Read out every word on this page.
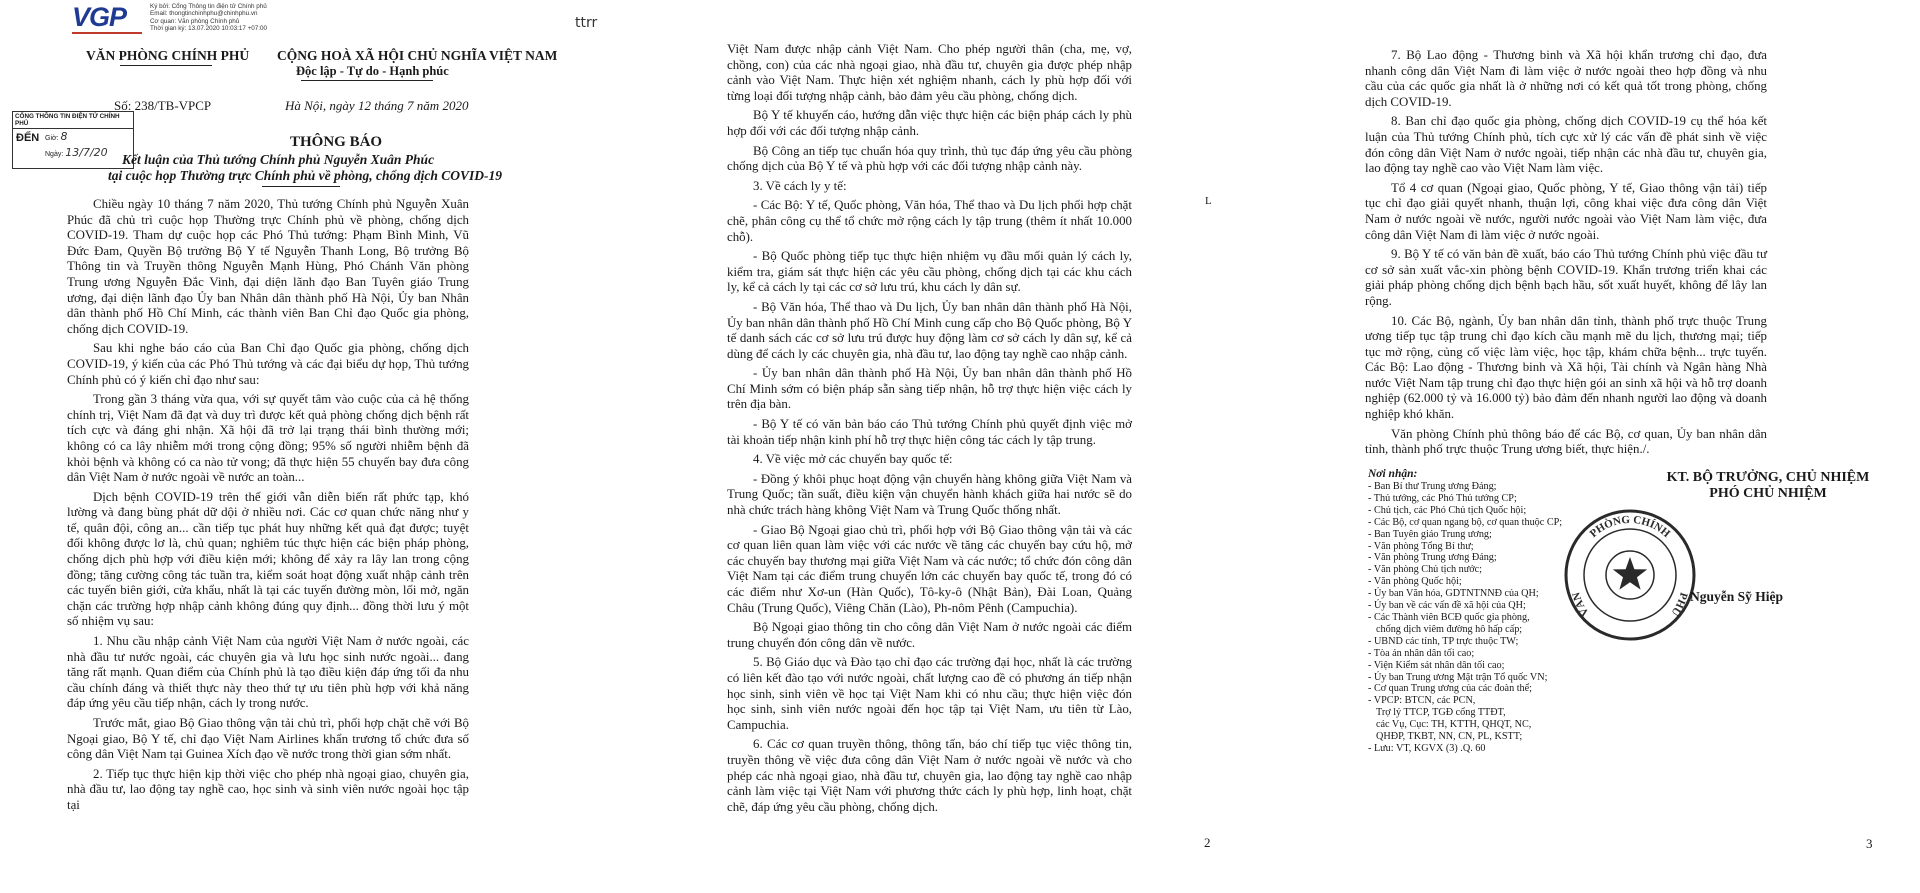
VGP	Ký bởi: Cổng Thông tin điện tử Chính phủ
Email: thongtinchinhphu@chinhphu.vn
Cơ quan: Văn phòng Chính phủ
Thời gian ký: 13.07.2020 10:03:17 +07:00	ttrr
VĂN PHÒNG CHÍNH PHỦ CỘNG HOÀ XÃ HỘI CHỦ NGHĨA VIỆT NAM
Độc lập - Tự do - Hạnh phúc
Số: 238/TB-VPCP	Hà Nội, ngày 12 tháng 7 năm 2020
CỔNG THÔNG TIN ĐIỆN TỬ CHÍNH PHỦ
ĐẾN Giờ: 8
Ngày: 13/7/20
THÔNG BÁO
Kết luận của Thủ tướng Chính phủ Nguyễn Xuân Phúc
tại cuộc họp Thường trực Chính phủ về phòng, chống dịch COVID-19

Chiều ngày 10 tháng 7 năm 2020, Thủ tướng Chính phủ Nguyễn Xuân Phúc đã chủ trì cuộc họp Thường trực Chính phủ về phòng, chống dịch COVID-19. Tham dự cuộc họp các Phó Thủ tướng: Phạm Bình Minh, Vũ Đức Đam, Quyền Bộ trưởng Bộ Y tế Nguyễn Thanh Long, Bộ trưởng Bộ Thông tin và Truyền thông Nguyễn Mạnh Hùng, Phó Chánh Văn phòng Trung ương Nguyễn Đắc Vinh, đại diện lãnh đạo Ban Tuyên giáo Trung ương, đại diện lãnh đạo Ủy ban Nhân dân thành phố Hà Nội, Ủy ban Nhân dân thành phố Hồ Chí Minh, các thành viên Ban Chỉ đạo Quốc gia phòng, chống dịch COVID-19.

Sau khi nghe báo cáo của Ban Chỉ đạo Quốc gia phòng, chống dịch COVID-19, ý kiến của các Phó Thủ tướng và các đại biểu dự họp, Thủ tướng Chính phủ có ý kiến chỉ đạo như sau:

Trong gần 3 tháng vừa qua, với sự quyết tâm vào cuộc của cả hệ thống chính trị, Việt Nam đã đạt và duy trì được kết quả phòng chống dịch bệnh rất tích cực và đáng ghi nhận. Xã hội đã trở lại trạng thái bình thường mới; không có ca lây nhiễm mới trong cộng đồng; 95% số người nhiễm bệnh đã khỏi bệnh và không có ca nào tử vong; đã thực hiện 55 chuyến bay đưa công dân Việt Nam ở nước ngoài về nước an toàn...

Dịch bệnh COVID-19 trên thế giới vẫn diễn biến rất phức tạp, khó lường và đang bùng phát dữ dội ở nhiều nơi. Các cơ quan chức năng như y tế, quân đội, công an... cần tiếp tục phát huy những kết quả đạt được; tuyệt đối không được lơ là, chủ quan; nghiêm túc thực hiện các biện pháp phòng, chống dịch phù hợp với điều kiện mới; không để xảy ra lây lan trong cộng đồng; tăng cường công tác tuần tra, kiểm soát hoạt động xuất nhập cảnh trên các tuyến biên giới, cửa khẩu, nhất là tại các tuyến đường mòn, lối mở, ngăn chặn các trường hợp nhập cảnh không đúng quy định... đồng thời lưu ý một số nhiệm vụ sau:

1. Nhu cầu nhập cảnh Việt Nam của người Việt Nam ở nước ngoài, các nhà đầu tư nước ngoài, các chuyên gia và lưu học sinh nước ngoài... đang tăng rất mạnh. Quan điểm của Chính phủ là tạo điều kiện đáp ứng tối đa nhu cầu chính đáng và thiết thực này theo thứ tự ưu tiên phù hợp với khả năng đáp ứng yêu cầu tiếp nhận, cách ly trong nước.

Trước mắt, giao Bộ Giao thông vận tải chủ trì, phối hợp chặt chẽ với Bộ Ngoại giao, Bộ Y tế, chỉ đạo Việt Nam Airlines khẩn trương tổ chức đưa số công dân Việt Nam tại Guinea Xích đạo về nước trong thời gian sớm nhất.

2. Tiếp tục thực hiện kịp thời việc cho phép nhà ngoại giao, chuyên gia, nhà đầu tư, lao động tay nghề cao, học sinh và sinh viên nước ngoài học tập tại

Việt Nam được nhập cảnh Việt Nam. Cho phép người thân (cha, mẹ, vợ, chồng, con) của các nhà ngoại giao, nhà đầu tư, chuyên gia được phép nhập cảnh vào Việt Nam. Thực hiện xét nghiệm nhanh, cách ly phù hợp đối với từng loại đối tượng nhập cảnh, bảo đảm yêu cầu phòng, chống dịch.

Bộ Y tế khuyến cáo, hướng dẫn việc thực hiện các biện pháp cách ly phù hợp đối với các đối tượng nhập cảnh.

Bộ Công an tiếp tục chuẩn hóa quy trình, thủ tục đáp ứng yêu cầu phòng chống dịch của Bộ Y tế và phù hợp với các đối tượng nhập cảnh này.

3. Về cách ly y tế:

- Các Bộ: Y tế, Quốc phòng, Văn hóa, Thể thao và Du lịch phối hợp chặt chẽ, phân công cụ thể tổ chức mở rộng cách ly tập trung (thêm ít nhất 10.000 chỗ).

- Bộ Quốc phòng tiếp tục thực hiện nhiệm vụ đầu mối quản lý cách ly, kiểm tra, giám sát thực hiện các yêu cầu phòng, chống dịch tại các khu cách ly, kể cả cách ly tại các cơ sở lưu trú, khu cách ly dân sự.

- Bộ Văn hóa, Thể thao và Du lịch, Ủy ban nhân dân thành phố Hà Nội, Ủy ban nhân dân thành phố Hồ Chí Minh cung cấp cho Bộ Quốc phòng, Bộ Y tế danh sách các cơ sở lưu trú được huy động làm cơ sở cách ly dân sự, kể cả dùng để cách ly các chuyên gia, nhà đầu tư, lao động tay nghề cao nhập cảnh.

- Ủy ban nhân dân thành phố Hà Nội, Ủy ban nhân dân thành phố Hồ Chí Minh sớm có biện pháp sẵn sàng tiếp nhận, hỗ trợ thực hiện việc cách ly trên địa bàn.

- Bộ Y tế có văn bản báo cáo Thủ tướng Chính phủ quyết định việc mở tài khoản tiếp nhận kinh phí hỗ trợ thực hiện công tác cách ly tập trung.

4. Về việc mở các chuyến bay quốc tế:

- Đồng ý khôi phục hoạt động vận chuyển hàng không giữa Việt Nam và Trung Quốc; tần suất, điều kiện vận chuyển hành khách giữa hai nước sẽ do nhà chức trách hàng không Việt Nam và Trung Quốc thống nhất.

- Giao Bộ Ngoại giao chủ trì, phối hợp với Bộ Giao thông vận tải và các cơ quan liên quan làm việc với các nước về tăng các chuyến bay cứu hộ, mở các chuyến bay thương mại giữa Việt Nam và các nước; tổ chức đón công dân Việt Nam tại các điểm trung chuyển lớn các chuyến bay quốc tế, trong đó có các điểm như Xơ-un (Hàn Quốc), Tô-ky-ô (Nhật Bản), Đài Loan, Quảng Châu (Trung Quốc), Viêng Chăn (Lào), Ph-nôm Pênh (Campuchia).

Bộ Ngoại giao thông tin cho công dân Việt Nam ở nước ngoài các điểm trung chuyển đón công dân về nước.

5. Bộ Giáo dục và Đào tạo chỉ đạo các trường đại học, nhất là các trường có liên kết đào tạo với nước ngoài, chất lượng cao đề có phương án tiếp nhận học sinh, sinh viên về học tại Việt Nam khi có nhu cầu; thực hiện việc đón học sinh, sinh viên nước ngoài đến học tập tại Việt Nam, ưu tiên từ Lào, Campuchia.

6. Các cơ quan truyền thông, thông tấn, báo chí tiếp tục việc thông tin, truyền thông về việc đưa công dân Việt Nam ở nước ngoài về nước và cho phép các nhà ngoại giao, nhà đầu tư, chuyên gia, lao động tay nghề cao nhập cảnh làm việc tại Việt Nam với phương thức cách ly phù hợp, linh hoạt, chặt chẽ, đáp ứng yêu cầu phòng, chống dịch.

L
2

7. Bộ Lao động - Thương binh và Xã hội khẩn trương chỉ đạo, đưa nhanh công dân Việt Nam đi làm việc ở nước ngoài theo hợp đồng và nhu cầu của các quốc gia nhất là ở những nơi có kết quả tốt trong phòng, chống dịch COVID-19.

8. Ban chỉ đạo quốc gia phòng, chống dịch COVID-19 cụ thể hóa kết luận của Thủ tướng Chính phủ, tích cực xử lý các vấn đề phát sinh về việc đón công dân Việt Nam ở nước ngoài, tiếp nhận các nhà đầu tư, chuyên gia, lao động tay nghề cao vào Việt Nam làm việc.

Tổ 4 cơ quan (Ngoại giao, Quốc phòng, Y tế, Giao thông vận tải) tiếp tục chỉ đạo giải quyết nhanh, thuận lợi, công khai việc đưa công dân Việt Nam ở nước ngoài về nước, người nước ngoài vào Việt Nam làm việc, đưa công dân Việt Nam đi làm việc ở nước ngoài.

9. Bộ Y tế có văn bản đề xuất, báo cáo Thủ tướng Chính phủ việc đầu tư cơ sở sản xuất vắc-xin phòng bệnh COVID-19. Khẩn trương triển khai các giải pháp phòng chống dịch bệnh bạch hầu, sốt xuất huyết, không để lây lan rộng.

10. Các Bộ, ngành, Ủy ban nhân dân tỉnh, thành phố trực thuộc Trung ương tiếp tục tập trung chỉ đạo kích cầu mạnh mẽ du lịch, thương mại; tiếp tục mở rộng, củng cố việc làm việc, học tập, khám chữa bệnh... trực tuyến. Các Bộ: Lao động - Thương binh và Xã hội, Tài chính và Ngân hàng Nhà nước Việt Nam tập trung chỉ đạo thực hiện gói an sinh xã hội và hỗ trợ doanh nghiệp (62.000 tỷ và 16.000 tỷ) bảo đảm đến nhanh người lao động và doanh nghiệp khó khăn.

Văn phòng Chính phủ thông báo để các Bộ, cơ quan, Ủy ban nhân dân tỉnh, thành phố trực thuộc Trung ương biết, thực hiện./.

Nơi nhận:
- Ban Bí thư Trung ương Đảng;
- Thủ tướng, các Phó Thủ tướng CP;
- Chủ tịch, các Phó Chủ tịch Quốc hội;
- Các Bộ, cơ quan ngang bộ, cơ quan thuộc CP;
- Ban Tuyên giáo Trung ương;
- Văn phòng Tổng Bí thư;
- Văn phòng Trung ương Đảng;
- Văn phòng Chủ tịch nước;
- Văn phòng Quốc hội;
- Ủy ban Văn hóa, GDTNTNNĐ của QH;
- Ủy ban về các vấn đề xã hội của QH;
- Các Thành viên BCĐ quốc gia phòng,
chống dịch viêm đường hô hấp cấp;
- UBND các tỉnh, TP trực thuộc TW;
- Tòa án nhân dân tối cao;
- Viện Kiểm sát nhân dân tối cao;
- Ủy ban Trung ương Mặt trận Tổ quốc VN;
- Cơ quan Trung ương của các đoàn thể;
- VPCP: BTCN, các PCN,
Trợ lý TTCP, TGĐ cổng TTĐT,
các Vụ, Cục: TH, KTTH, QHQT, NC,
QHĐP, TKBT, NN, CN, PL, KSTT;
- Lưu: VT, KGVX (3) .Q. 60
KT. BỘ TRƯỞNG, CHỦ NHIỆM
PHÓ CHỦ NHIỆM
PHÒNG CHÍNH
VĂN	PHỦ
Nguyễn Sỹ Hiệp
3
